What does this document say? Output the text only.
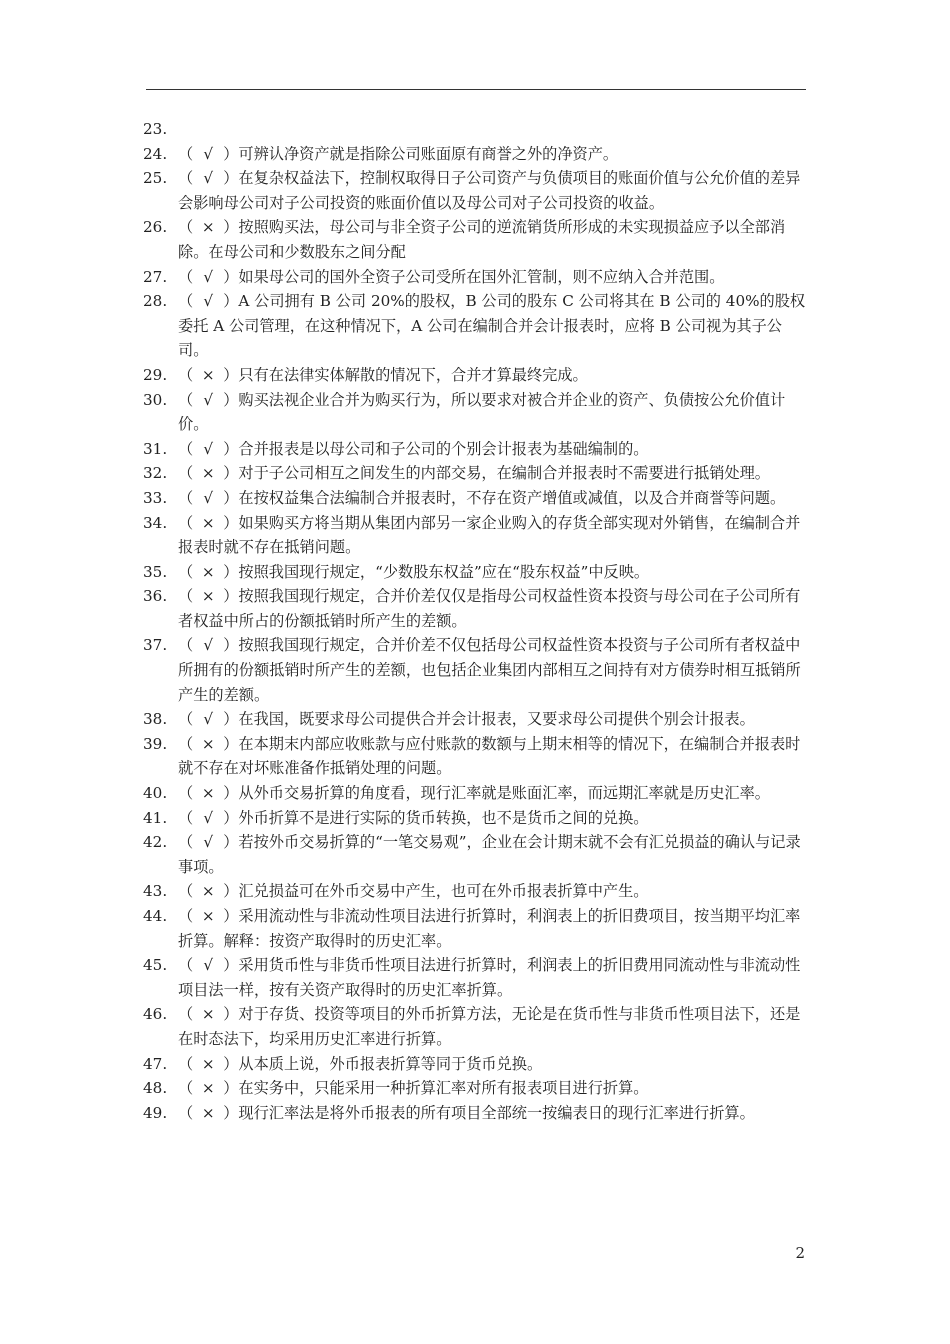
23.
24. （ √ ）可辨认净资产就是指除公司账面原有商誉之外的净资产。
25. （ √ ）在复杂权益法下，控制权取得日子公司资产与负债项目的账面价值与公允价值的差异会影响母公司对子公司投资的账面价值以及母公司对子公司投资的收益。
26. （ × ）按照购买法，母公司与非全资子公司的逆流销货所形成的未实现损益应予以全部消除。在母公司和少数股东之间分配
27. （ √ ）如果母公司的国外全资子公司受所在国外汇管制，则不应纳入合并范围。
28. （ √ ）A 公司拥有 B 公司 20%的股权，B 公司的股东 C 公司将其在 B 公司的 40%的股权委托 A 公司管理，在这种情况下，A 公司在编制合并会计报表时，应将 B 公司视为其子公司。
29. （ × ）只有在法律实体解散的情况下，合并才算最终完成。
30. （ √ ）购买法视企业合并为购买行为，所以要求对被合并企业的资产、负债按公允价值计价。
31. （ √ ）合并报表是以母公司和子公司的个别会计报表为基础编制的。
32. （ × ）对于子公司相互之间发生的内部交易，在编制合并报表时不需要进行抵销处理。
33. （ √ ）在按权益集合法编制合并报表时，不存在资产增值或减值，以及合并商誉等问题。
34. （ × ）如果购买方将当期从集团内部另一家企业购入的存货全部实现对外销售，在编制合并报表时就不存在抵销问题。
35. （ × ）按照我国现行规定，“少数股东权益”应在“股东权益”中反映。
36. （ × ）按照我国现行规定，合并价差仅仅是指母公司权益性资本投资与母公司在子公司所有者权益中所占的份额抵销时所产生的差额。
37. （ √ ）按照我国现行规定，合并价差不仅包括母公司权益性资本投资与子公司所有者权益中所拥有的份额抵销时所产生的差额，也包括企业集团内部相互之间持有对方债券时相互抵销所产生的差额。
38. （ √ ）在我国，既要求母公司提供合并会计报表，又要求母公司提供个别会计报表。
39. （ × ）在本期末内部应收账款与应付账款的数额与上期末相等的情况下，在编制合并报表时就不存在对坏账准备作抵销处理的问题。
40. （ × ）从外币交易折算的角度看，现行汇率就是账面汇率，而远期汇率就是历史汇率。
41. （ √ ）外币折算不是进行实际的货币转换，也不是货币之间的兑换。
42. （ √ ）若按外币交易折算的“一笔交易观”，企业在会计期末就不会有汇兑损益的确认与记录事项。
43. （ × ）汇兑损益可在外币交易中产生，也可在外币报表折算中产生。
44. （ × ）采用流动性与非流动性项目法进行折算时，利润表上的折旧费项目，按当期平均汇率折算。解释：按资产取得时的历史汇率。
45. （ √ ）采用货币性与非货币性项目法进行折算时，利润表上的折旧费用同流动性与非流动性项目法一样，按有关资产取得时的历史汇率折算。
46. （ × ）对于存货、投资等项目的外币折算方法，无论是在货币性与非货币性项目法下，还是在时态法下，均采用历史汇率进行折算。
47. （ × ）从本质上说，外币报表折算等同于货币兑换。
48. （ × ）在实务中，只能采用一种折算汇率对所有报表项目进行折算。
49. （ × ）现行汇率法是将外币报表的所有项目全部统一按编表日的现行汇率进行折算。
2
